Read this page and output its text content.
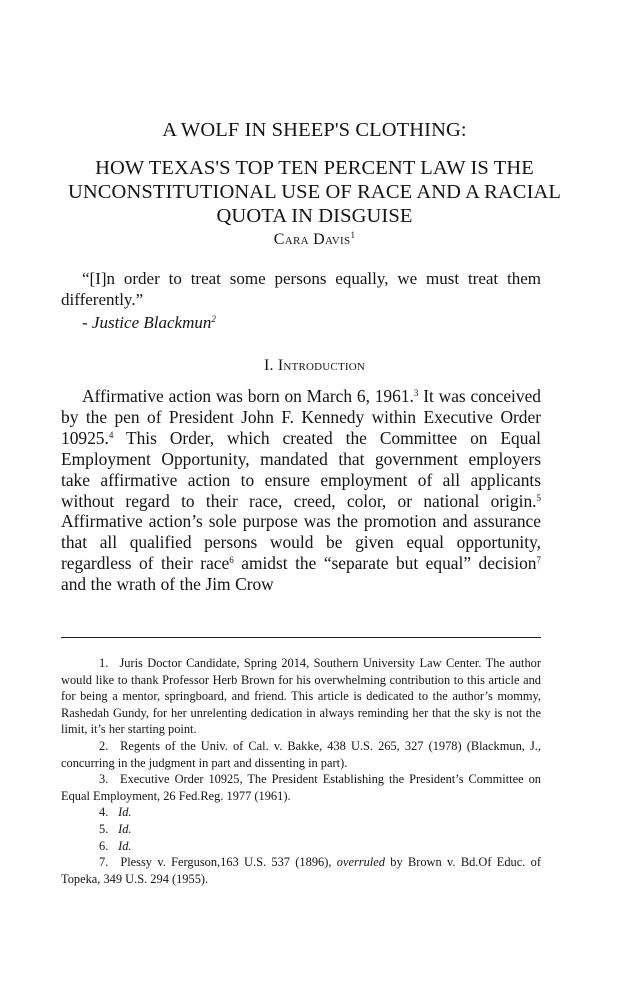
A WOLF IN SHEEP'S CLOTHING:
HOW TEXAS'S TOP TEN PERCENT LAW IS THE
UNCONSTITUTIONAL USE OF RACE AND A RACIAL
QUOTA IN DISGUISE
Cara Davis$^1$
“[I]n order to treat some persons equally, we must treat them differently.”
- Justice Blackmun$^2$
I. Introduction
Affirmative action was born on March 6, 1961.$^3$ It was conceived by the pen of President John F. Kennedy within Executive Order 10925.$^4$ This Order, which created the Committee on Equal Employment Opportunity, mandated that government employers take affirmative action to ensure employment of all applicants without regard to their race, creed, color, or national origin.$^5$ Affirmative action’s sole purpose was the promotion and assurance that all qualified persons would be given equal opportunity, regardless of their race$^6$ amidst the “separate but equal” decision$^7$ and the wrath of the Jim Crow

1. Juris Doctor Candidate, Spring 2014, Southern University Law Center. The author would like to thank Professor Herb Brown for his overwhelming contribution to this article and for being a mentor, springboard, and friend. This article is dedicated to the author’s mommy, Rashedah Gundy, for her unrelenting dedication in always reminding her that the sky is not the limit, it’s her starting point.

2. Regents of the Univ. of Cal. v. Bakke, 438 U.S. 265, 327 (1978) (Blackmun, J., concurring in the judgment in part and dissenting in part).

3. Executive Order 10925, The President Establishing the President’s Committee on Equal Employment, 26 Fed.Reg. 1977 (1961).

4. Id.

5. Id.

6. Id.

7. Plessy v. Ferguson,163 U.S. 537 (1896), overruled by Brown v. Bd.Of Educ. of Topeka, 349 U.S. 294 (1955).
